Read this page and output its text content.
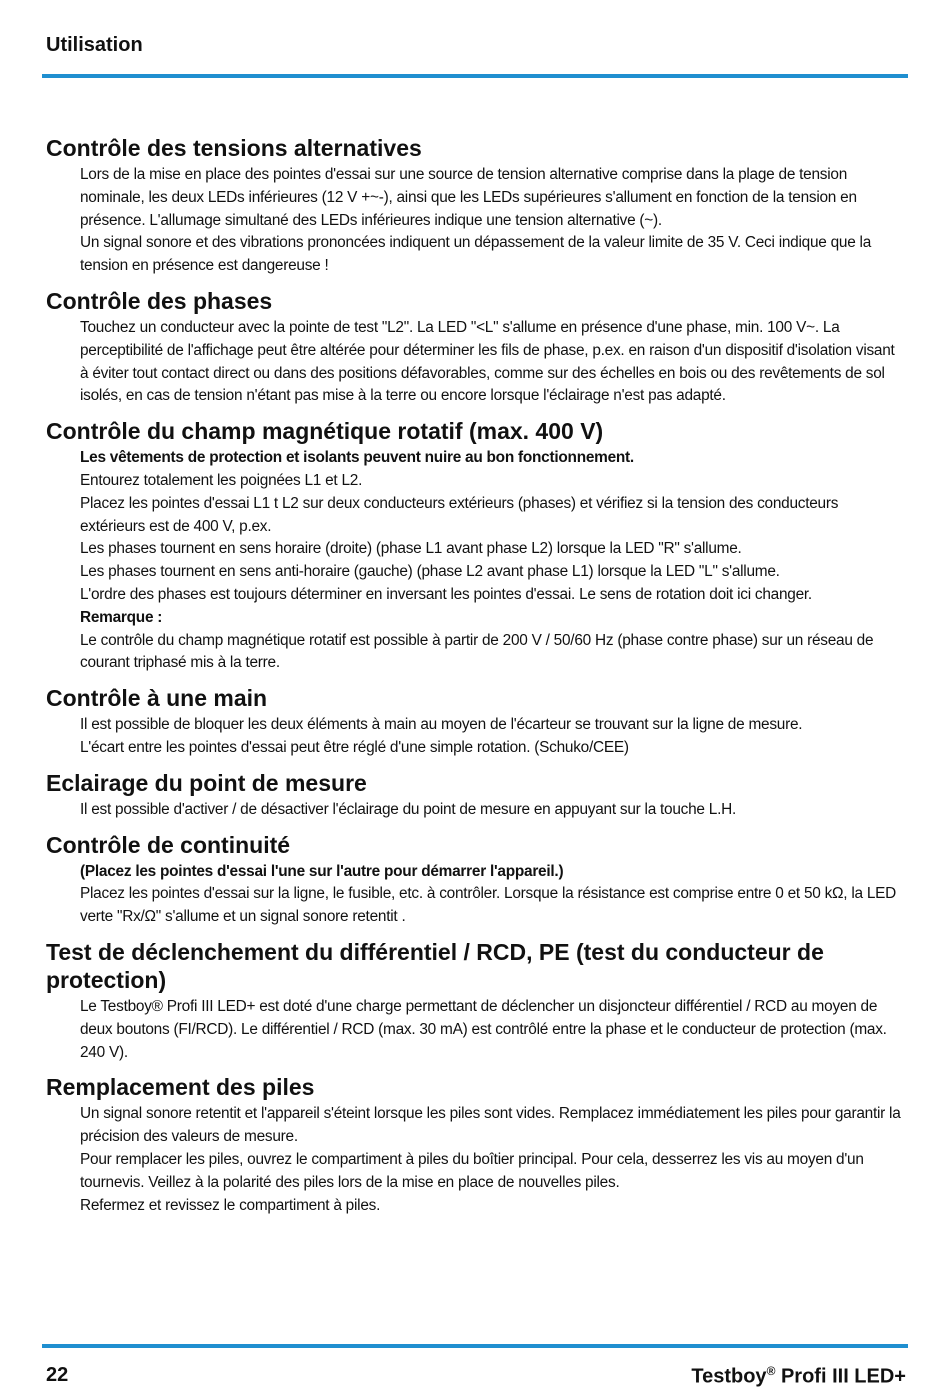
Utilisation
Contrôle des tensions alternatives

Lors de la mise en place des pointes d'essai sur une source de tension alternative comprise dans la plage de tension nominale, les deux LEDs inférieures (12 V +~-), ainsi que les LEDs supérieures s'allument en fonction de la tension en présence. L'allumage simultané des LEDs inférieures indique une tension alternative (~).

Un signal sonore et des vibrations prononcées indiquent un dépassement de la valeur limite de 35 V. Ceci indique que la tension en présence est dangereuse !

Contrôle des phases

Touchez un conducteur avec la pointe de test "L2". La LED "<L" s'allume en présence d'une phase, min. 100 V~. La perceptibilité de l'affichage peut être altérée pour déterminer les fils de phase, p.ex. en raison d'un dispositif d'isolation visant à éviter tout contact direct ou dans des positions défavorables, comme sur des échelles en bois ou des revêtements de sol isolés, en cas de tension n'étant pas mise à la terre ou encore lorsque l'éclairage n'est pas adapté.

Contrôle du champ magnétique rotatif (max. 400 V)

Les vêtements de protection et isolants peuvent nuire au bon fonctionnement.

Entourez totalement les poignées L1 et L2.

Placez les pointes d'essai L1 t L2 sur deux conducteurs extérieurs (phases) et vérifiez si la tension des conducteurs extérieurs est de 400 V, p.ex.

Les phases tournent en sens horaire (droite) (phase L1 avant phase L2) lorsque la LED "R" s'allume.

Les phases tournent en sens anti-horaire (gauche) (phase L2 avant phase L1) lorsque la LED "L" s'allume.

L'ordre des phases est toujours déterminer en inversant les pointes d'essai. Le sens de rotation doit ici changer.

Remarque :

Le contrôle du champ magnétique rotatif est possible à partir de 200 V / 50/60 Hz (phase contre phase) sur un réseau de courant triphasé mis à la terre.

Contrôle à une main

Il est possible de bloquer les deux éléments à main au moyen de l'écarteur se trouvant sur la ligne de mesure.

L'écart entre les pointes d'essai peut être réglé d'une simple rotation. (Schuko/CEE)

Eclairage du point de mesure

Il est possible d'activer / de désactiver l'éclairage du point de mesure en appuyant sur la touche L.H.

Contrôle de continuité

(Placez les pointes d'essai l'une sur l'autre pour démarrer l'appareil.)

Placez les pointes d'essai sur la ligne, le fusible, etc. à contrôler. Lorsque la résistance est comprise entre 0 et 50 kΩ, la LED verte "Rx/Ω" s'allume et un signal sonore retentit .

Test de déclenchement du différentiel / RCD, PE (test du conducteur de protection)

Le Testboy® Profi III LED+ est doté d'une charge permettant de déclencher un disjoncteur différentiel / RCD au moyen de deux boutons (FI/RCD). Le différentiel / RCD (max. 30 mA) est contrôlé entre la phase et le conducteur de protection (max. 240 V).

Remplacement des piles

Un signal sonore retentit et l'appareil s'éteint lorsque les piles sont vides. Remplacez immédiatement les piles pour garantir la précision des valeurs de mesure.

Pour remplacer les piles, ouvrez le compartiment à piles du boîtier principal. Pour cela, desserrez les vis au moyen d'un tournevis. Veillez à la polarité des piles lors de la mise en place de nouvelles piles.

Refermez et revissez le compartiment à piles.

22	Testboy® Profi III LED+
